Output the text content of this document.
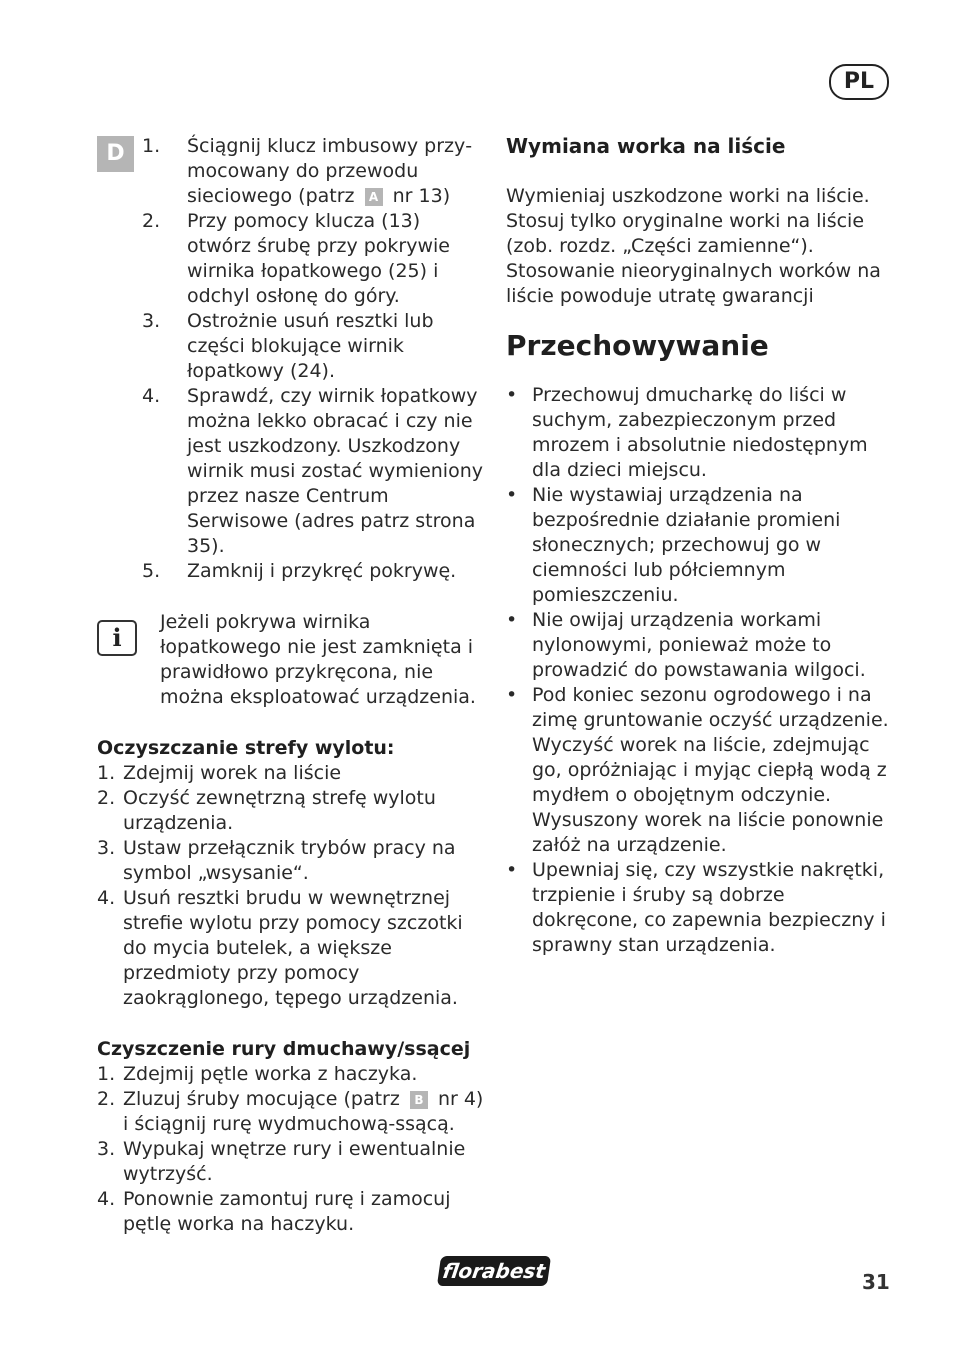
PL
D 1.	Ściągnij klucz imbusowy przymocowany do przewodu sieciowego (patrz A nr 13)
2.	Przy pomocy klucza (13) otwórz śrubę przy pokrywie wirnika łopatkowego (25) i odchyl osłonę do góry.
3.	Ostrożnie usuń resztki lub części blokujące wirnik łopatkowy (24).
4.	Sprawdź, czy wirnik łopatkowy można lekko obracać i czy nie jest uszkodzony. Uszkodzony wirnik musi zostać wymieniony przez nasze Centrum Serwisowe (adres patrz strona 35).
5.	Zamknij i przykręć pokrywę.
i
Jeżeli pokrywa wirnika łopatkowego nie jest zamknięta i prawidłowo przykręcona, nie można eksploatować urządzenia.

Oczyszczanie strefy wylotu:

1. Zdejmij worek na liście
2. Oczyść zewnętrzną strefę wylotu urządzenia.
3. Ustaw przełącznik trybów pracy na symbol „wsysanie“.
4. Usuń resztki brudu w wewnętrznej strefie wylotu przy pomocy szczotki do mycia butelek, a większe przedmioty przy pomocy zaokrąglonego, tępego urządzenia.

Czyszczenie rury dmuchawy/ssącej

1. Zdejmij pętle worka z haczyka.
2. Zluzuj śruby mocujące (patrz B nr 4) i ściągnij rurę wydmuchową-ssącą.
3. Wypukaj wnętrze rury i ewentualnie wytrzyść.
4. Ponownie zamontuj rurę i zamocuj pętlę worka na haczyku.

Wymiana worka na liście

Wymieniaj uszkodzone worki na liście. Stosuj tylko oryginalne worki na liście (zob. rozdz. „Części zamienne“). Stosowanie nieoryginalnych worków na liście powoduje utratę gwarancji

Przechowywanie

• Przechowuj dmucharkę do liści w suchym, zabezpieczonym przed mrozem i absolutnie niedostępnym dla dzieci miejscu.
• Nie wystawiaj urządzenia na bezpośrednie działanie promieni słonecznych; przechowuj go w ciemności lub półciemnym pomieszczeniu.
• Nie owijaj urządzenia workami nylonowymi, ponieważ może to prowadzić do powstawania wilgoci.
• Pod koniec sezonu ogrodowego i na zimę gruntowanie oczyść urządzenie. Wyczyść worek na liście, zdejmując go, opróżniając i myjąc ciepłą wodą z mydłem o obojętnym odczynie. Wysuszony worek na liście ponownie załóż na urządzenie.
• Upewniaj się, czy wszystkie nakrętki, trzpienie i śruby są dobrze dokręcone, co zapewnia bezpieczny i sprawny stan urządzenia.
florabest	31
